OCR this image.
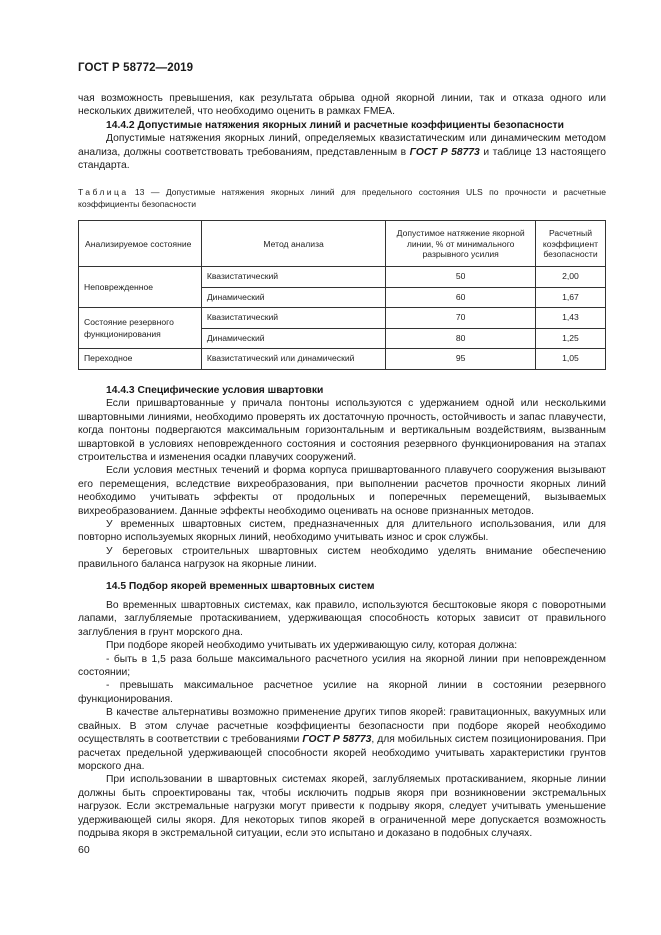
ГОСТ Р 58772—2019

чая возможность превышения, как результата обрыва одной якорной линии, так и отказа одного или нескольких движителей, что необходимо оценить в рамках FMEA.

14.4.2 Допустимые натяжения якорных линий и расчетные коэффициенты безопасности

Допустимые натяжения якорных линий, определяемых квазистатическим или динамическим методом анализа, должны соответствовать требованиям, представленным в ГОСТ Р 58773 и таблице 13 настоящего стандарта.

Таблица 13 — Допустимые натяжения якорных линий для предельного состояния ULS по прочности и расчетные коэффициенты безопасности

Анализируемое состояние	Метод анализа	Допустимое натяжение якорной линии, % от минимального разрывного усилия	Расчетный коэффициент безопасности
Неповрежденное	Квазистатический	50	2,00
	Динамический	60	1,67
Состояние резервного функционирования	Квазистатический	70	1,43
	Динамический	80	1,25
Переходное	Квазистатический или динамический	95	1,05

14.4.3 Специфические условия швартовки

Если пришвартованные у причала понтоны используются с удержанием одной или несколькими швартовными линиями, необходимо проверять их достаточную прочность, остойчивость и запас плавучести, когда понтоны подвергаются максимальным горизонтальным и вертикальным воздействиям, вызванным швартовкой в условиях неповрежденного состояния и состояния резервного функционирования на этапах строительства и изменения осадки плавучих сооружений.

Если условия местных течений и форма корпуса пришвартованного плавучего сооружения вызывают его перемещения, вследствие вихреобразования, при выполнении расчетов прочности якорных линий необходимо учитывать эффекты от продольных и поперечных перемещений, вызываемых вихреобразованием. Данные эффекты необходимо оценивать на основе признанных методов.

У временных швартовных систем, предназначенных для длительного использования, или для повторно используемых якорных линий, необходимо учитывать износ и срок службы.

У береговых строительных швартовных систем необходимо уделять внимание обеспечению правильного баланса нагрузок на якорные линии.

14.5 Подбор якорей временных швартовных систем

Во временных швартовных системах, как правило, используются бесштоковые якоря с поворотными лапами, заглубляемые протаскиванием, удерживающая способность которых зависит от правильного заглубления в грунт морского дна.

При подборе якорей необходимо учитывать их удерживающую силу, которая должна:

- быть в 1,5 раза больше максимального расчетного усилия на якорной линии при неповрежденном состоянии;

- превышать максимальное расчетное усилие на якорной линии в состоянии резервного функционирования.

В качестве альтернативы возможно применение других типов якорей: гравитационных, вакуумных или свайных. В этом случае расчетные коэффициенты безопасности при подборе якорей необходимо осуществлять в соответствии с требованиями ГОСТ Р 58773, для мобильных систем позиционирования. При расчетах предельной удерживающей способности якорей необходимо учитывать характеристики грунтов морского дна.

При использовании в швартовных системах якорей, заглубляемых протаскиванием, якорные линии должны быть спроектированы так, чтобы исключить подрыв якоря при возникновении экстремальных нагрузок. Если экстремальные нагрузки могут привести к подрыву якоря, следует учитывать уменьшение удерживающей силы якоря. Для некоторых типов якорей в ограниченной мере допускается возможность подрыва якоря в экстремальной ситуации, если это испытано и доказано в подобных случаях.

60
